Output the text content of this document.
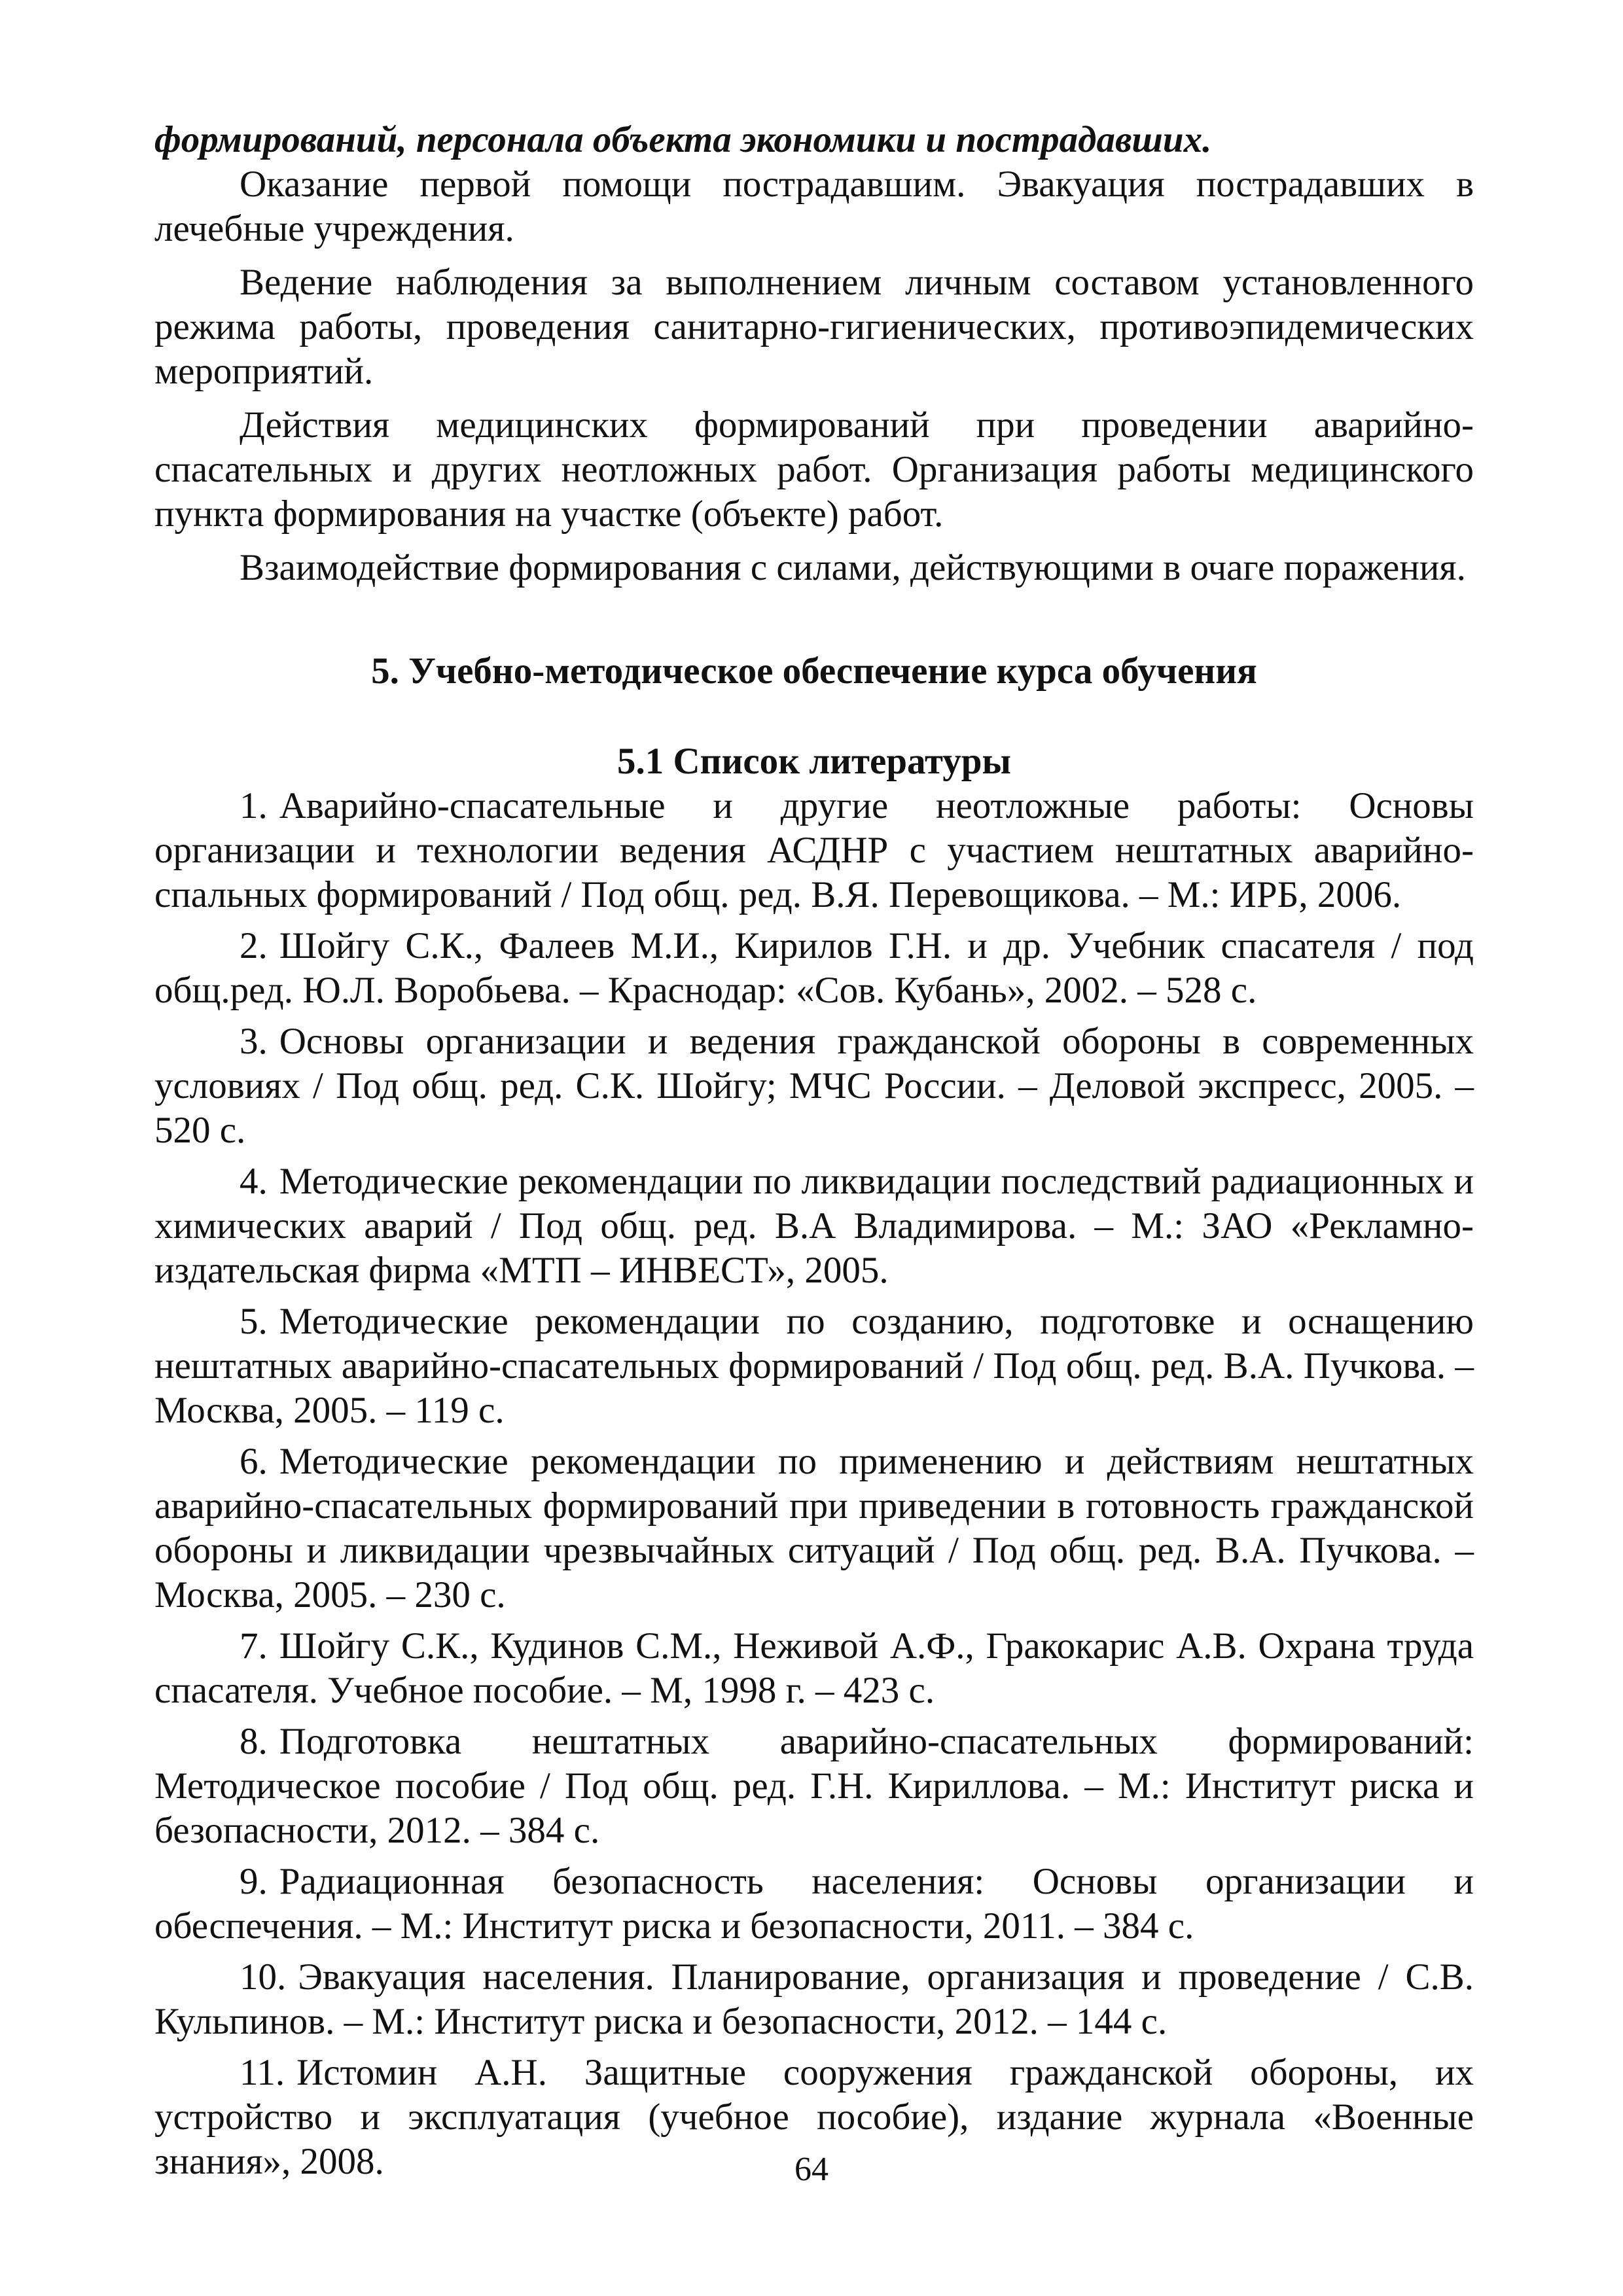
формирований, персонала объекта экономики и пострадавших.

Оказание первой помощи пострадавшим. Эвакуация пострадавших в лечебные учреждения.

Ведение наблюдения за выполнением личным составом установленного режима работы, проведения санитарно-гигиенических, противоэпидемических мероприятий.

Действия медицинских формирований при проведении аварийно-спасательных и других неотложных работ. Организация работы медицинского пункта формирования на участке (объекте) работ.

Взаимодействие формирования с силами, действующими в очаге поражения.

5. Учебно-методическое обеспечение курса обучения
5.1 Список литературы
1. Аварийно-спасательные и другие неотложные работы: Основы организации и технологии ведения АСДНР с участием нештатных аварийно-спальных формирований / Под общ. ред. В.Я. Перевощикова. – М.: ИРБ, 2006.
2. Шойгу С.К., Фалеев М.И., Кирилов Г.Н. и др. Учебник спасателя / под общ.ред. Ю.Л. Воробьева. – Краснодар: «Сов. Кубань», 2002. – 528 с.
3. Основы организации и ведения гражданской обороны в современных условиях / Под общ. ред. С.К. Шойгу; МЧС России. – Деловой экспресс, 2005. – 520 с.
4. Методические рекомендации по ликвидации последствий радиационных и химических аварий / Под общ. ред. В.А Владимирова. – М.: ЗАО «Рекламно-издательская фирма «МТП – ИНВЕСТ», 2005.
5. Методические рекомендации по созданию, подготовке и оснащению нештатных аварийно-спасательных формирований / Под общ. ред. В.А. Пучкова. – Москва, 2005. – 119 с.
6. Методические рекомендации по применению и действиям нештатных аварийно-спасательных формирований при приведении в готовность гражданской обороны и ликвидации чрезвычайных ситуаций / Под общ. ред. В.А. Пучкова. – Москва, 2005. – 230 с.
7. Шойгу С.К., Кудинов С.М., Неживой А.Ф., Гракокарис А.В. Охрана труда спасателя. Учебное пособие. – М, 1998 г. – 423 с.
8. Подготовка нештатных аварийно-спасательных формирований: Методическое пособие / Под общ. ред. Г.Н. Кириллова. – М.: Институт риска и безопасности, 2012. – 384 с.
9. Радиационная безопасность населения: Основы организации и обеспечения. – М.: Институт риска и безопасности, 2011. – 384 с.
10. Эвакуация населения. Планирование, организация и проведение / С.В. Кульпинов. – М.: Институт риска и безопасности, 2012. – 144 с.
11. Истомин А.Н. Защитные сооружения гражданской обороны, их устройство и эксплуатация (учебное пособие), издание журнала «Военные знания», 2008.	64
